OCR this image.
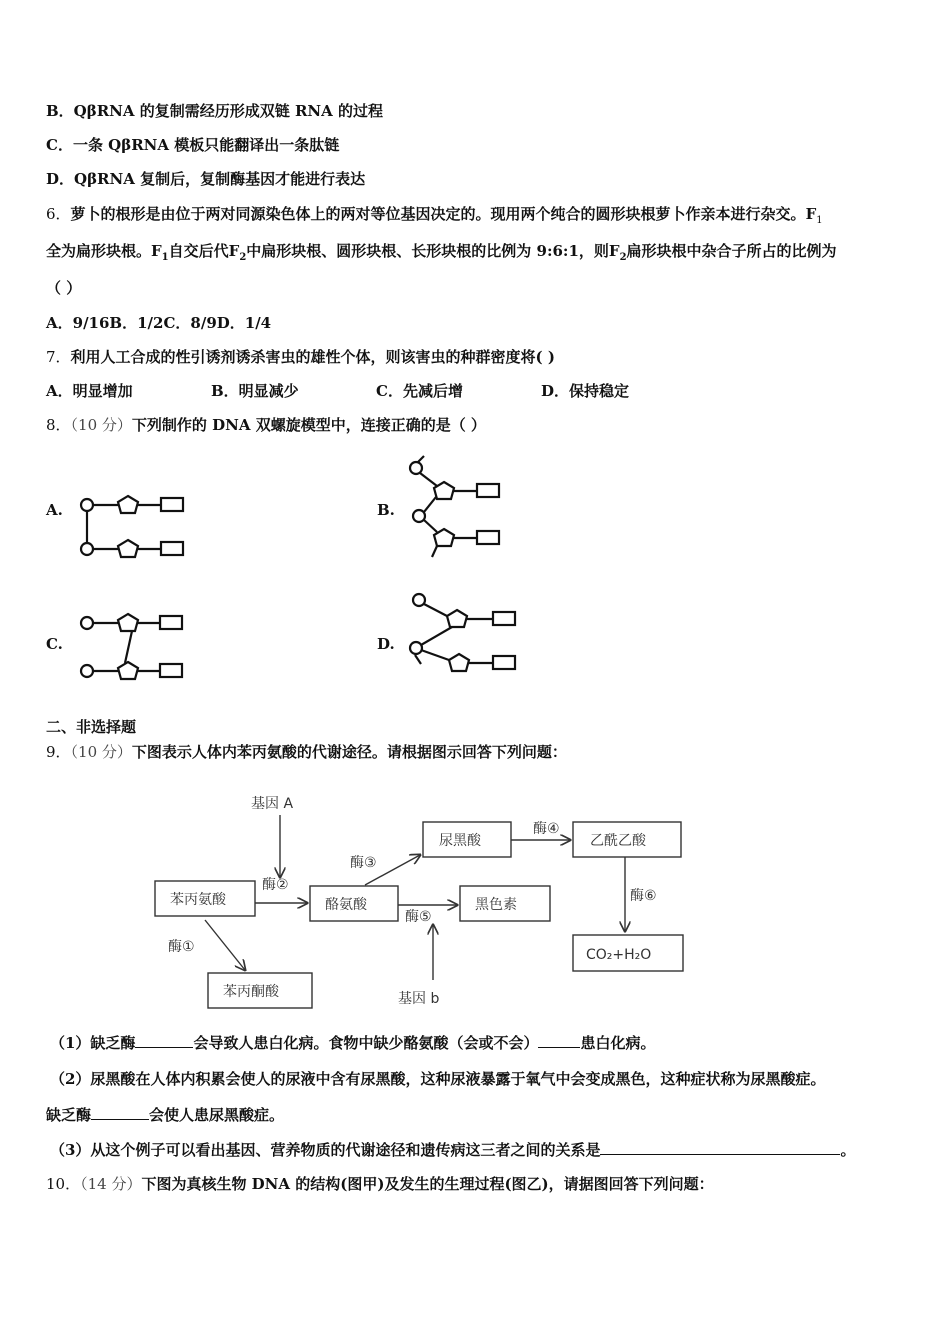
B．QβRNA 的复制需经历形成双链 RNA 的过程
C．一条 QβRNA 模板只能翻译出一条肽链
D．QβRNA 复制后，复制酶基因才能进行表达
6．萝卜的根形是由位于两对同源染色体上的两对等位基因决定的。现用两个纯合的圆形块根萝卜作亲本进行杂交。$F_1$
全为扁形块根。$F_1$自交后代$F_2$中扁形块根、圆形块根、长形块根的比例为 9:6:1，则$F_2$扁形块根中杂合子所占的比例为
（ ）
A．9/16B．1/2C．8/9D．1/4
7．利用人工合成的性引诱剂诱杀害虫的雄性个体，则该害虫的种群密度将( )
A．明显增加	B．明显减少	C．先减后增	D．保持稳定
8．（10 分）下列制作的 DNA 双螺旋模型中，连接正确的是（ ）
A.	B.
C.	D.
二、非选择题
9．（10 分）下图表示人体内苯丙氨酸的代谢途径。请根据图示回答下列问题：
基因 A
基因 b
苯丙氨酸	酪氨酸
尿黑酸	乙酰乙酸
黑色素
CO₂+H₂O
苯丙酮酸
酶①
酶②
酶③
酶④
酶⑤
酶⑥
（1）缺乏酶	会导致人患白化病。食物中缺少酪氨酸（会或不会）	患白化病。
（2）尿黑酸在人体内积累会使人的尿液中含有尿黑酸，这种尿液暴露于氧气中会变成黑色，这种症状称为尿黑酸症。
缺乏酶	会使人患尿黑酸症。
（3）从这个例子可以看出基因、营养物质的代谢途径和遗传病这三者之间的关系是	。
10．（14 分）下图为真核生物 DNA 的结构(图甲)及发生的生理过程(图乙)，请据图回答下列问题：
